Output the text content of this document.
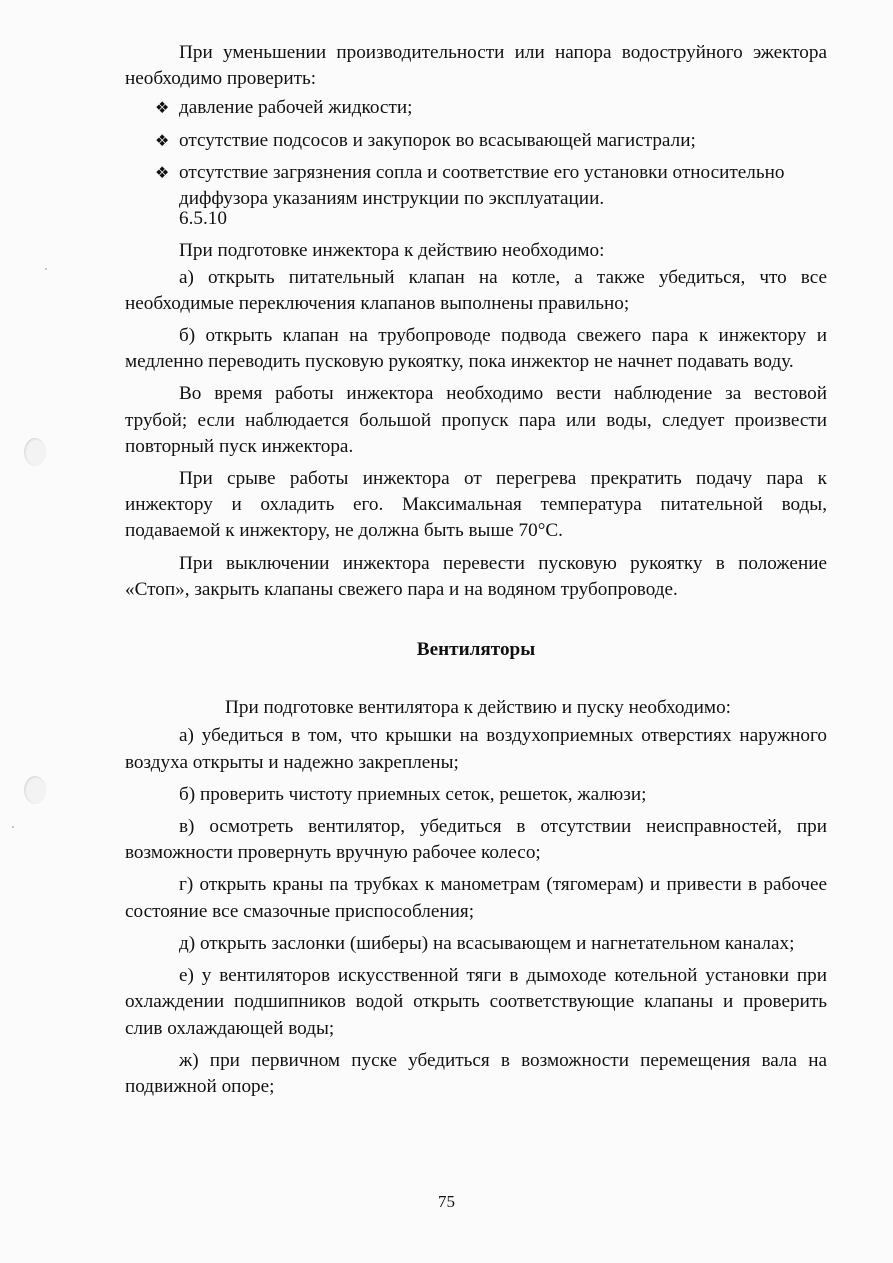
При уменьшении производительности или напора водоструйного эжектора необходимо проверить:

❖ давление рабочей жидкости;
❖ отсутствие подсосов и закупорок во всасывающей магистрали;
❖ отсутствие загрязнения сопла и соответствие его установки относительно диффузора указаниям инструкции по эксплуатации.
6.5.10

При подготовке инжектора к действию необходимо:

а) открыть питательный клапан на котле, а также убедиться, что все необходимые переключения клапанов выполнены правильно;

б) открыть клапан на трубопроводе подвода свежего пара к инжектору и медленно переводить пусковую рукоятку, пока инжектор не начнет подавать воду.

Во время работы инжектора необходимо вести наблюдение за вестовой трубой; если наблюдается большой пропуск пара или воды, следует произвести повторный пуск инжектора.

При срыве работы инжектора от перегрева прекратить подачу пара к инжектору и охладить его. Максимальная температура питательной воды, подаваемой к инжектору, не должна быть выше 70°С.

При выключении инжектора перевести пусковую рукоятку в положение «Стоп», закрыть клапаны свежего пара и на водяном трубопроводе.

Вентиляторы

При подготовке вентилятора к действию и пуску необходимо:

а) убедиться в том, что крышки на воздухоприемных отверстиях наружного воздуха открыты и надежно закреплены;

б) проверить чистоту приемных сеток, решеток, жалюзи;

в) осмотреть вентилятор, убедиться в отсутствии неисправностей, при возможности провернуть вручную рабочее колесо;

г) открыть краны па трубках к манометрам (тягомерам) и привести в рабочее состояние все смазочные приспособления;

д) открыть заслонки (шиберы) на всасывающем и нагнетательном каналах;

е) у вентиляторов искусственной тяги в дымоходе котельной установки при охлаждении подшипников водой открыть соответствующие клапаны и проверить слив охлаждающей воды;

ж) при первичном пуске убедиться в возможности перемещения вала на подвижной опоре;

75
